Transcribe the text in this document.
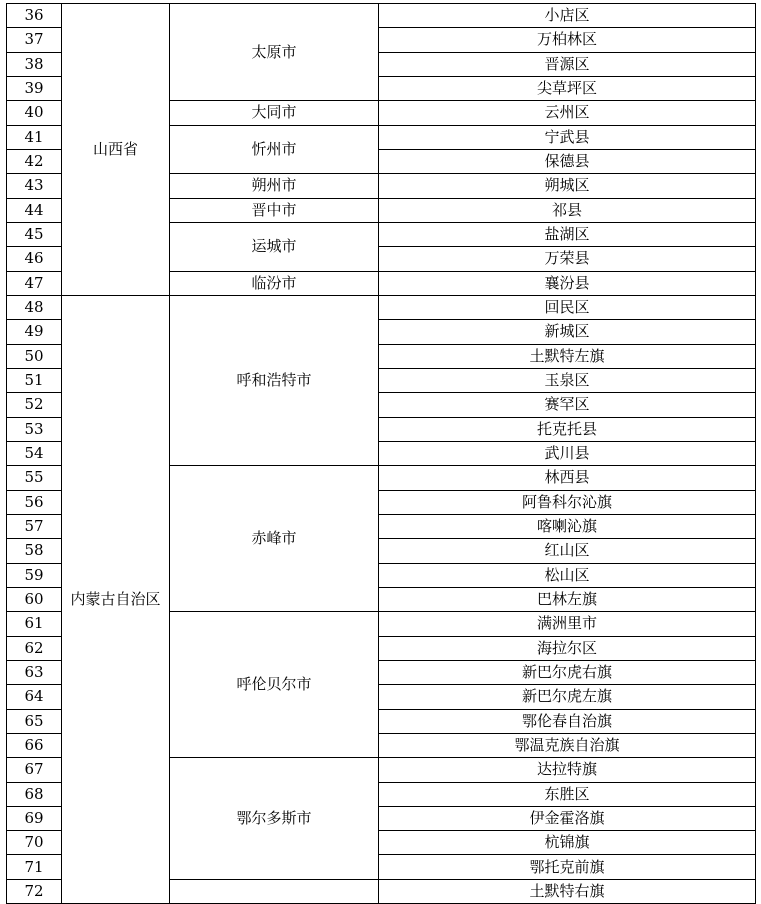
36	山西省	太原市	小店区
37			万柏林区
38			晋源区
39			尖草坪区
40		大同市	云州区
41		忻州市	宁武县
42			保德县
43		朔州市	朔城区
44		晋中市	祁县
45		运城市	盐湖区
46			万荣县
47		临汾市	襄汾县
48	内蒙古自治区	呼和浩特市	回民区
49			新城区
50			土默特左旗
51			玉泉区
52			赛罕区
53			托克托县
54			武川县
55		赤峰市	林西县
56			阿鲁科尔沁旗
57			喀喇沁旗
58			红山区
59			松山区
60			巴林左旗
61		呼伦贝尔市	满洲里市
62			海拉尔区
63			新巴尔虎右旗
64			新巴尔虎左旗
65			鄂伦春自治旗
66			鄂温克族自治旗
67		鄂尔多斯市	达拉特旗
68			东胜区
69			伊金霍洛旗
70			杭锦旗
71			鄂托克前旗
72			土默特右旗
